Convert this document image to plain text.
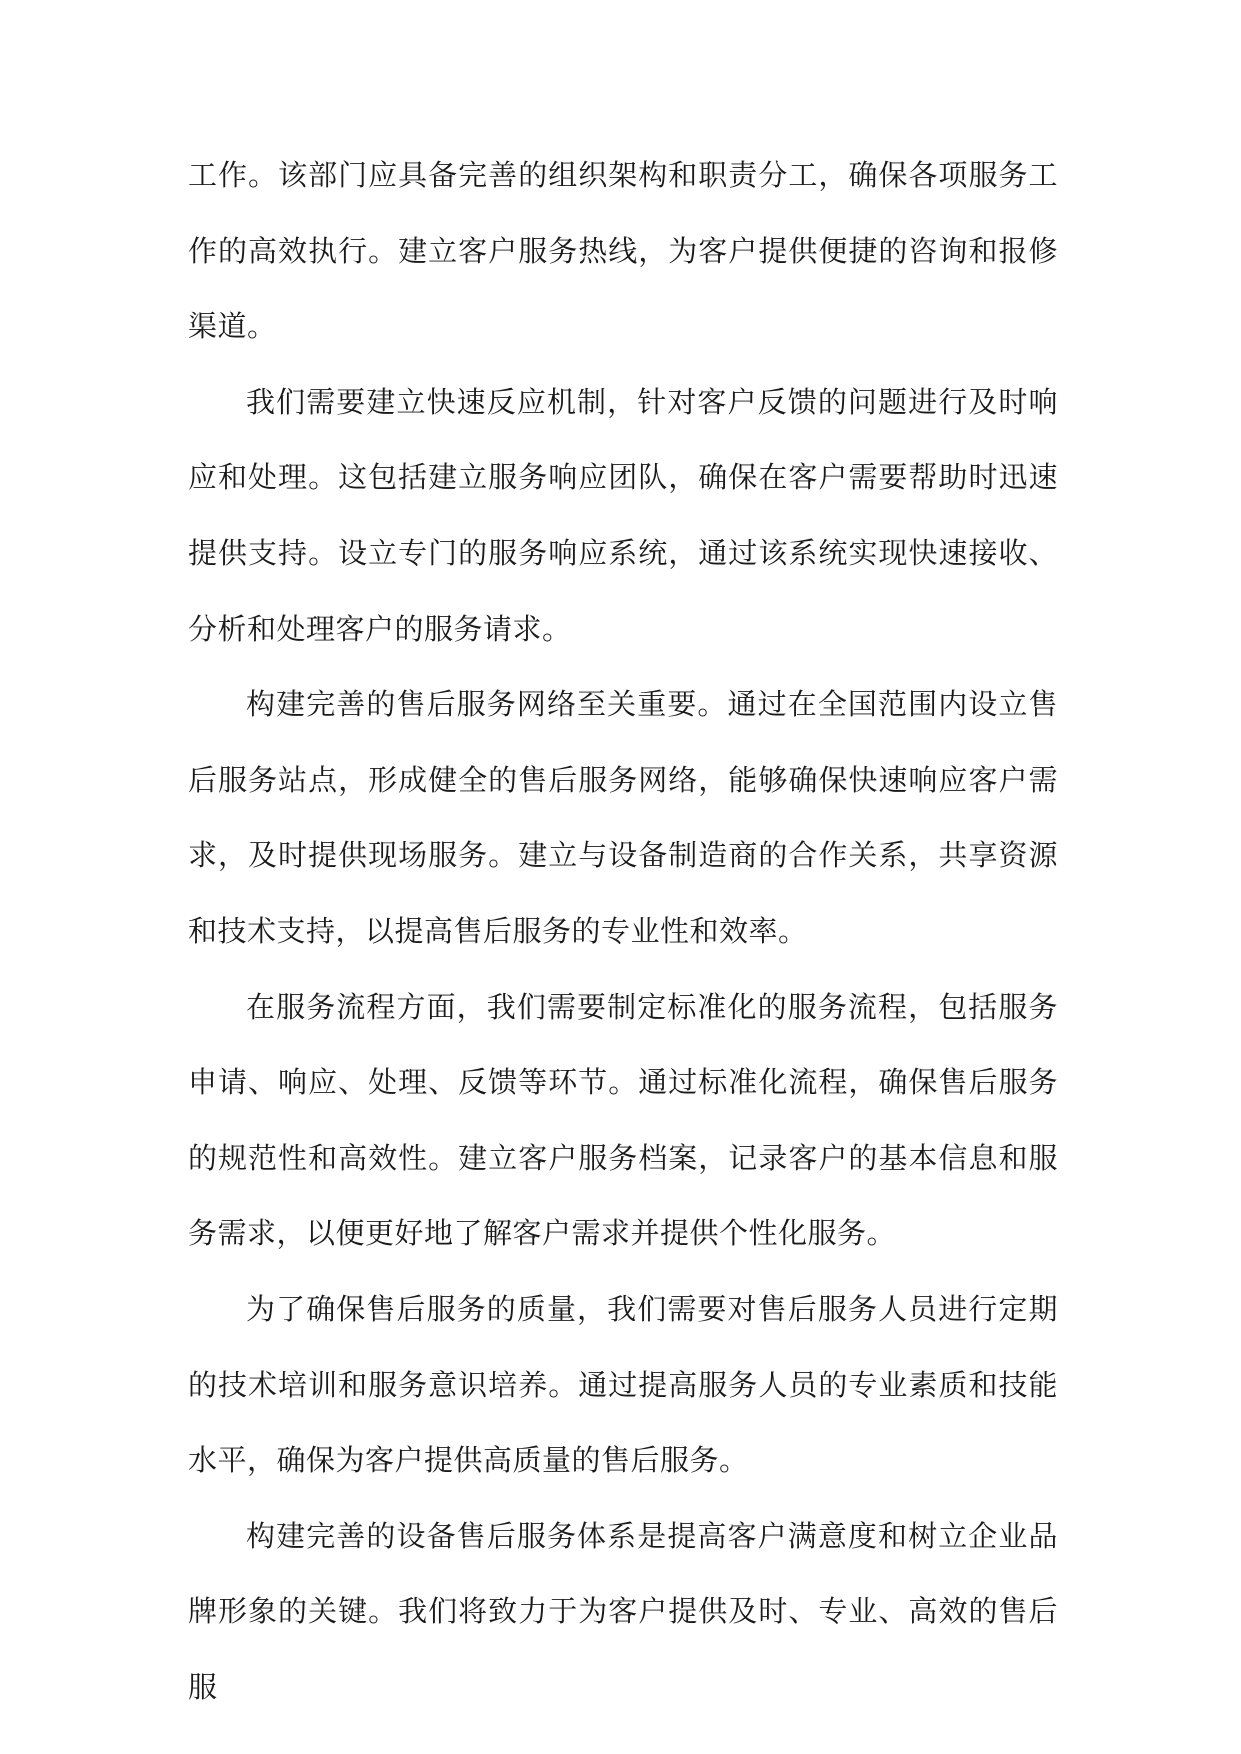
工作。该部门应具备完善的组织架构和职责分工，确保各项服务工作的高效执行。建立客户服务热线，为客户提供便捷的咨询和报修渠道。

我们需要建立快速反应机制，针对客户反馈的问题进行及时响应和处理。这包括建立服务响应团队，确保在客户需要帮助时迅速提供支持。设立专门的服务响应系统，通过该系统实现快速接收、分析和处理客户的服务请求。

构建完善的售后服务网络至关重要。通过在全国范围内设立售后服务站点，形成健全的售后服务网络，能够确保快速响应客户需求，及时提供现场服务。建立与设备制造商的合作关系，共享资源和技术支持，以提高售后服务的专业性和效率。

在服务流程方面，我们需要制定标准化的服务流程，包括服务申请、响应、处理、反馈等环节。通过标准化流程，确保售后服务的规范性和高效性。建立客户服务档案，记录客户的基本信息和服务需求，以便更好地了解客户需求并提供个性化服务。

为了确保售后服务的质量，我们需要对售后服务人员进行定期的技术培训和服务意识培养。通过提高服务人员的专业素质和技能水平，确保为客户提供高质量的售后服务。

构建完善的设备售后服务体系是提高客户满意度和树立企业品牌形象的关键。我们将致力于为客户提供及时、专业、高效的售后服
